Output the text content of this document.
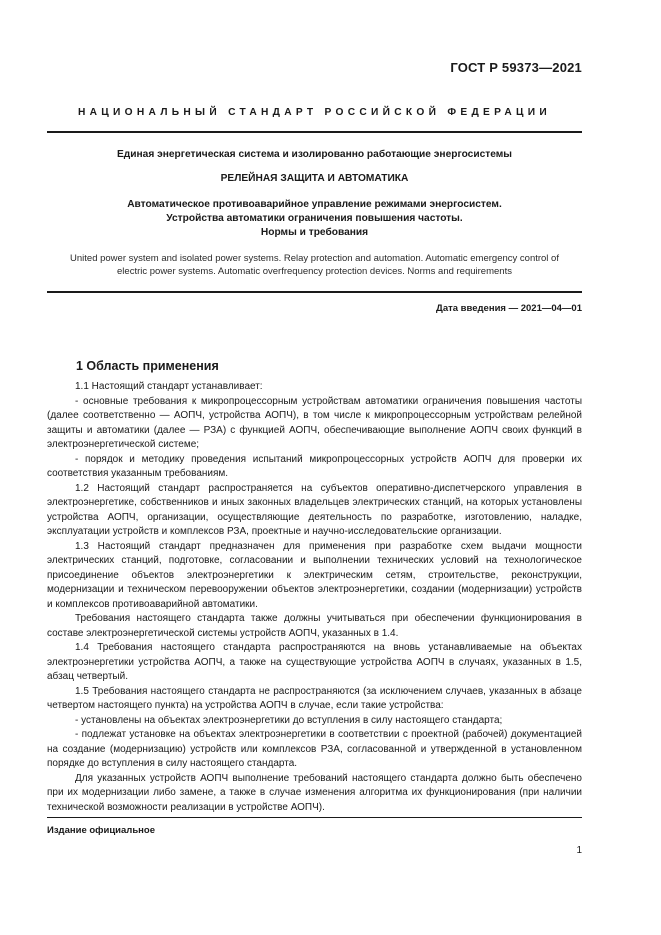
ГОСТ Р 59373—2021
НАЦИОНАЛЬНЫЙ СТАНДАРТ РОССИЙСКОЙ ФЕДЕРАЦИИ
Единая энергетическая система и изолированно работающие энергосистемы
РЕЛЕЙНАЯ ЗАЩИТА И АВТОМАТИКА
Автоматическое противоаварийное управление режимами энергосистем.
Устройства автоматики ограничения повышения частоты.
Нормы и требования
United power system and isolated power systems. Relay protection and automation. Automatic emergency control of
electric power systems. Automatic overfrequency protection devices. Norms and requirements
Дата введения — 2021—04—01
1 Область применения

1.1 Настоящий стандарт устанавливает:

- основные требования к микропроцессорным устройствам автоматики ограничения повышения частоты (далее соответственно — АОПЧ, устройства АОПЧ), в том числе к микропроцессорным устройствам релейной защиты и автоматики (далее — РЗА) с функцией АОПЧ, обеспечивающие выполнение АОПЧ своих функций в электроэнергетической системе;

- порядок и методику проведения испытаний микропроцессорных устройств АОПЧ для проверки их соответствия указанным требованиям.

1.2 Настоящий стандарт распространяется на субъектов оперативно-диспетчерского управления в электроэнергетике, собственников и иных законных владельцев электрических станций, на которых установлены устройства АОПЧ, организации, осуществляющие деятельность по разработке, изготовлению, наладке, эксплуатации устройств и комплексов РЗА, проектные и научно-исследовательские организации.

1.3 Настоящий стандарт предназначен для применения при разработке схем выдачи мощности электрических станций, подготовке, согласовании и выполнении технических условий на технологическое присоединение объектов электроэнергетики к электрическим сетям, строительстве, реконструкции, модернизации и техническом перевооружении объектов электроэнергетики, создании (модернизации) устройств и комплексов противоаварийной автоматики.

Требования настоящего стандарта также должны учитываться при обеспечении функционирования в составе электроэнергетической системы устройств АОПЧ, указанных в 1.4.

1.4 Требования настоящего стандарта распространяются на вновь устанавливаемые на объектах электроэнергетики устройства АОПЧ, а также на существующие устройства АОПЧ в случаях, указанных в 1.5, абзац четвертый.

1.5 Требования настоящего стандарта не распространяются (за исключением случаев, указанных в абзаце четвертом настоящего пункта) на устройства АОПЧ в случае, если такие устройства:

- установлены на объектах электроэнергетики до вступления в силу настоящего стандарта;

- подлежат установке на объектах электроэнергетики в соответствии с проектной (рабочей) документацией на создание (модернизацию) устройств или комплексов РЗА, согласованной и утвержденной в установленном порядке до вступления в силу настоящего стандарта.

Для указанных устройств АОПЧ выполнение требований настоящего стандарта должно быть обеспечено при их модернизации либо замене, а также в случае изменения алгоритма их функционирования (при наличии технической возможности реализации в устройстве АОПЧ).

Издание официальное
1
